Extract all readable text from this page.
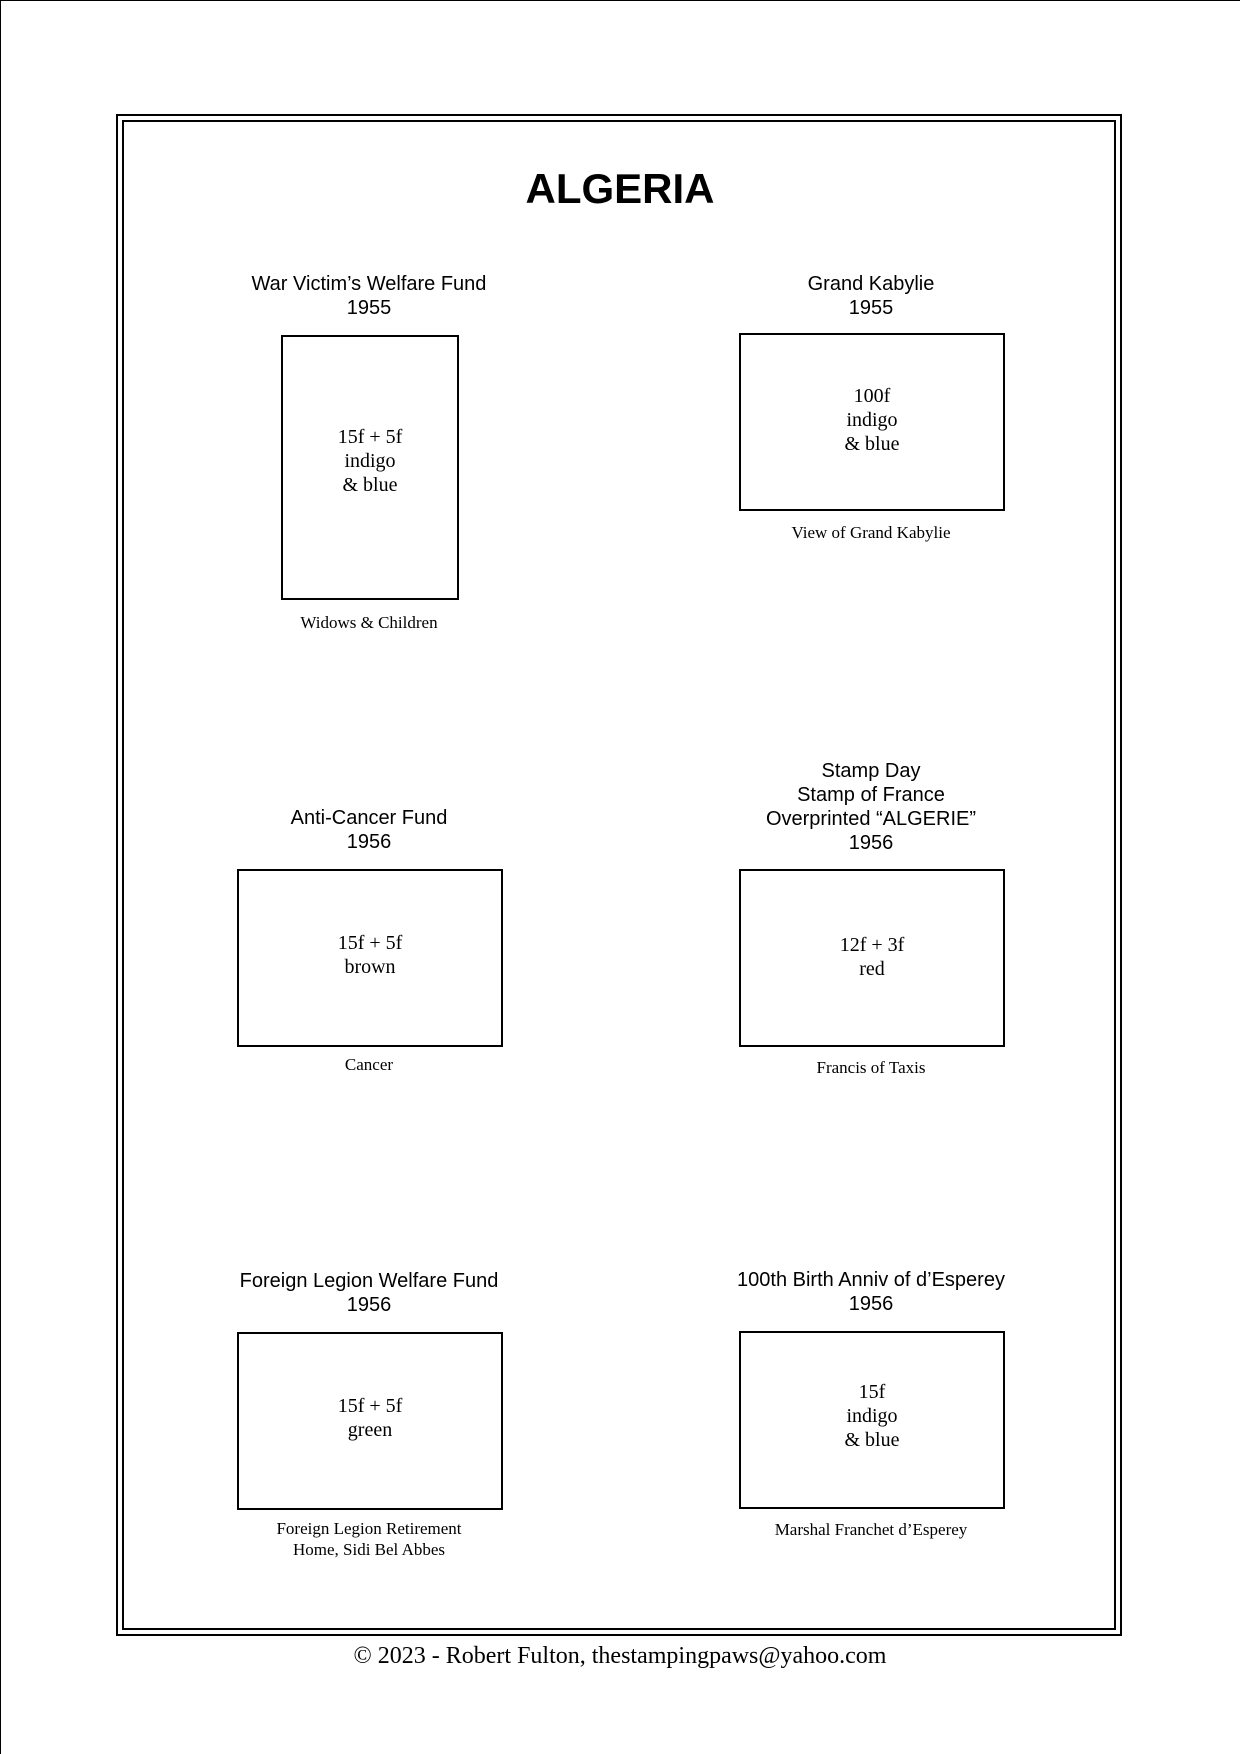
ALGERIA
War Victim’s Welfare Fund
1955
15f + 5f
indigo
& blue
Widows & Children
Grand Kabylie
1955
100f
indigo
& blue
View of Grand Kabylie
Anti-Cancer Fund
1956
15f + 5f
brown
Cancer
Stamp Day
Stamp of France
Overprinted “ALGERIE”
1956
12f + 3f
red
Francis of Taxis
Foreign Legion Welfare Fund
1956
15f + 5f
green
Foreign Legion Retirement
Home, Sidi Bel Abbes
100th Birth Anniv of d’Esperey
1956
15f
indigo
& blue
Marshal Franchet d’Esperey
© 2023 - Robert Fulton, thestampingpaws@yahoo.com
